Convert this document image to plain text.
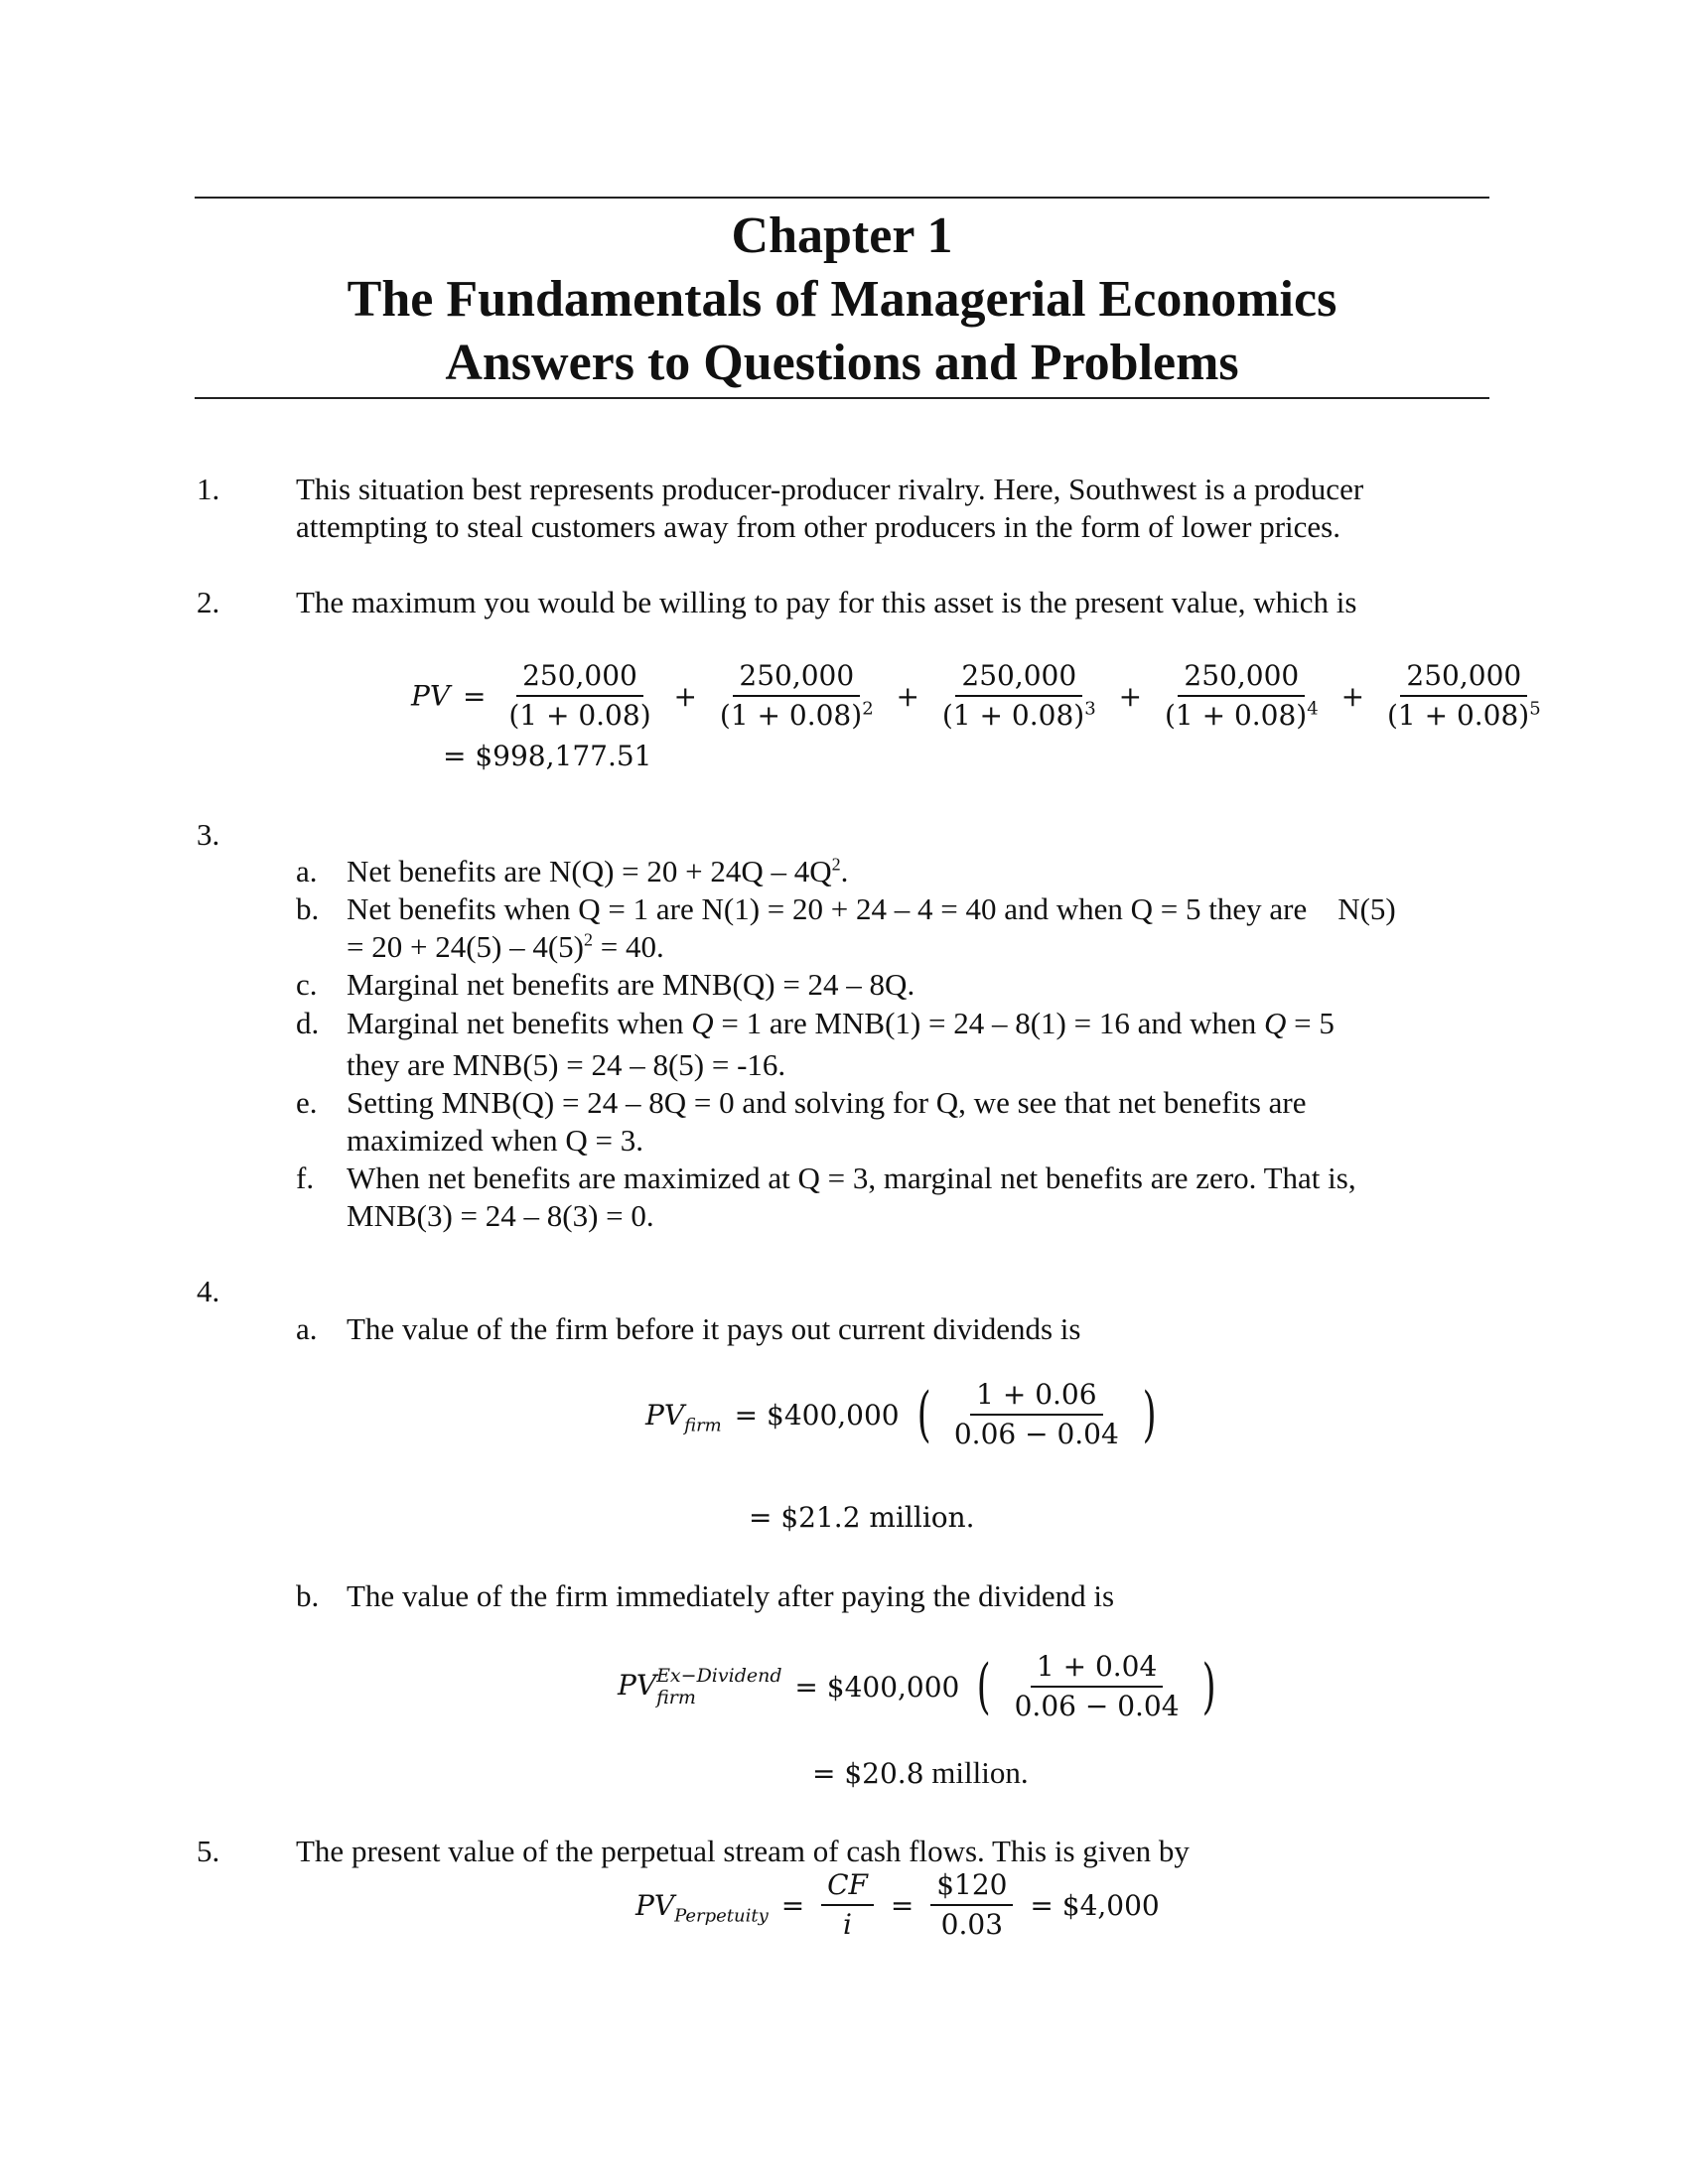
Chapter 1
The Fundamentals of Managerial Economics
Answers to Questions and Problems
1. This situation best represents producer-producer rivalry. Here, Southwest is a producer
attempting to steal customers away from other producers in the form of lower prices.
2. The maximum you would be willing to pay for this asset is the present value, which is
PV = $\frac{250,000}{(1 + 0.08)} + \frac{250,000}{(1 + 0.08)^2} + \frac{250,000}{(1 + 0.08)^3} + \frac{250,000}{(1 + 0.08)^4} + \frac{250,000}{(1 + 0.08)^5}$
= $998,177.51
3.
a. Net benefits are $N(Q) = 20 + 24Q - 4Q^2$.
b. Net benefits when Q = 1 are N(1) = 20 + 24 – 4 = 40 and when Q = 5 they are    N(5)
= $20 + 24(5) - 4(5)^2 = 40$.
c. Marginal net benefits are MNB(Q) = 24 – 8Q.
d. Marginal net benefits when Q = 1 are MNB(1) = 24 – 8(1) = 16 and when Q = 5
they are MNB(5) = 24 – 8(5) = -16.
e. Setting MNB(Q) = 24 – 8Q = 0 and solving for Q, we see that net benefits are
maximized when Q = 3.
f. When net benefits are maximized at Q = 3, marginal net benefits are zero. That is,
MNB(3) = 24 – 8(3) = 0.
4.
a. The value of the firm before it pays out current dividends is
$PV_{firm}$ = $400,000 ( $\frac{1 + 0.06}{0.06 - 0.04}$ )
= $21.2 million.
b. The value of the firm immediately after paying the dividend is
PV Ex−Dividend
firm	= $400,000 ( $\frac{1 + 0.04}{0.06 - 0.04}$ )
= $20.8 million.
5. The present value of the perpetual stream of cash flows. This is given by
$PV_{Perpetuity} = \frac{CF}{i} = \frac{\$120}{0.03}$ = $4,000
